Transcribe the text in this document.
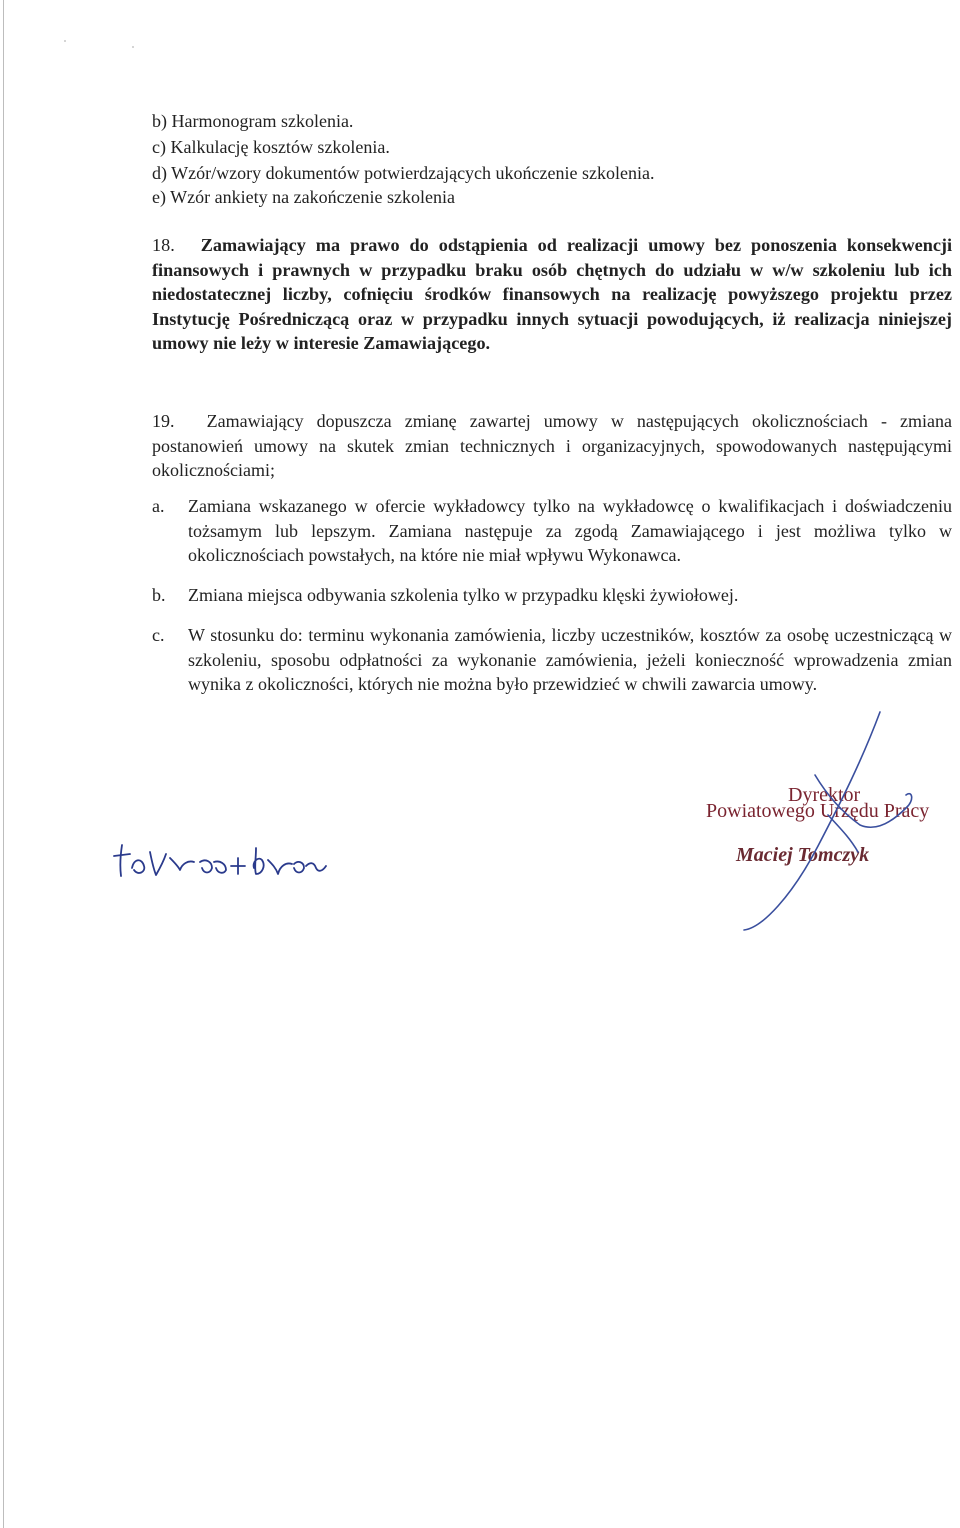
b) Harmonogram szkolenia.
c) Kalkulację kosztów szkolenia.
d) Wzór/wzory dokumentów potwierdzających ukończenie szkolenia.
e) Wzór ankiety na zakończenie szkolenia
18. Zamawiający ma prawo do odstąpienia od realizacji umowy bez ponoszenia konsekwencji finansowych i prawnych w przypadku braku osób chętnych do udziału w w/w szkoleniu lub ich niedostatecznej liczby, cofnięciu środków finansowych na realizację powyższego projektu przez Instytucję Pośredniczącą oraz w przypadku innych sytuacji powodujących, iż realizacja niniejszej umowy nie leży w interesie Zamawiającego.
19. Zamawiający dopuszcza zmianę zawartej umowy w następujących okolicznościach - zmiana postanowień umowy na skutek zmian technicznych i organizacyjnych, spowodowanych następującymi okolicznościami;
a.	Zamiana wskazanego w ofercie wykładowcy tylko na wykładowcę o kwalifikacjach i doświadczeniu tożsamym lub lepszym. Zamiana następuje za zgodą Zamawiającego i jest możliwa tylko w okolicznościach powstałych, na które nie miał wpływu Wykonawca.
b.	Zmiana miejsca odbywania szkolenia tylko w przypadku klęski żywiołowej.
c.	W stosunku do: terminu wykonania zamówienia, liczby uczestników, kosztów za osobę uczestniczącą w szkoleniu, sposobu odpłatności za wykonanie zamówienia, jeżeli konieczność wprowadzenia zmian wynika z okoliczności, których nie można było przewidzieć w chwili zawarcia umowy.
Dyrektor
Powiatowego Urzędu Pracy
Maciej Tomczyk
